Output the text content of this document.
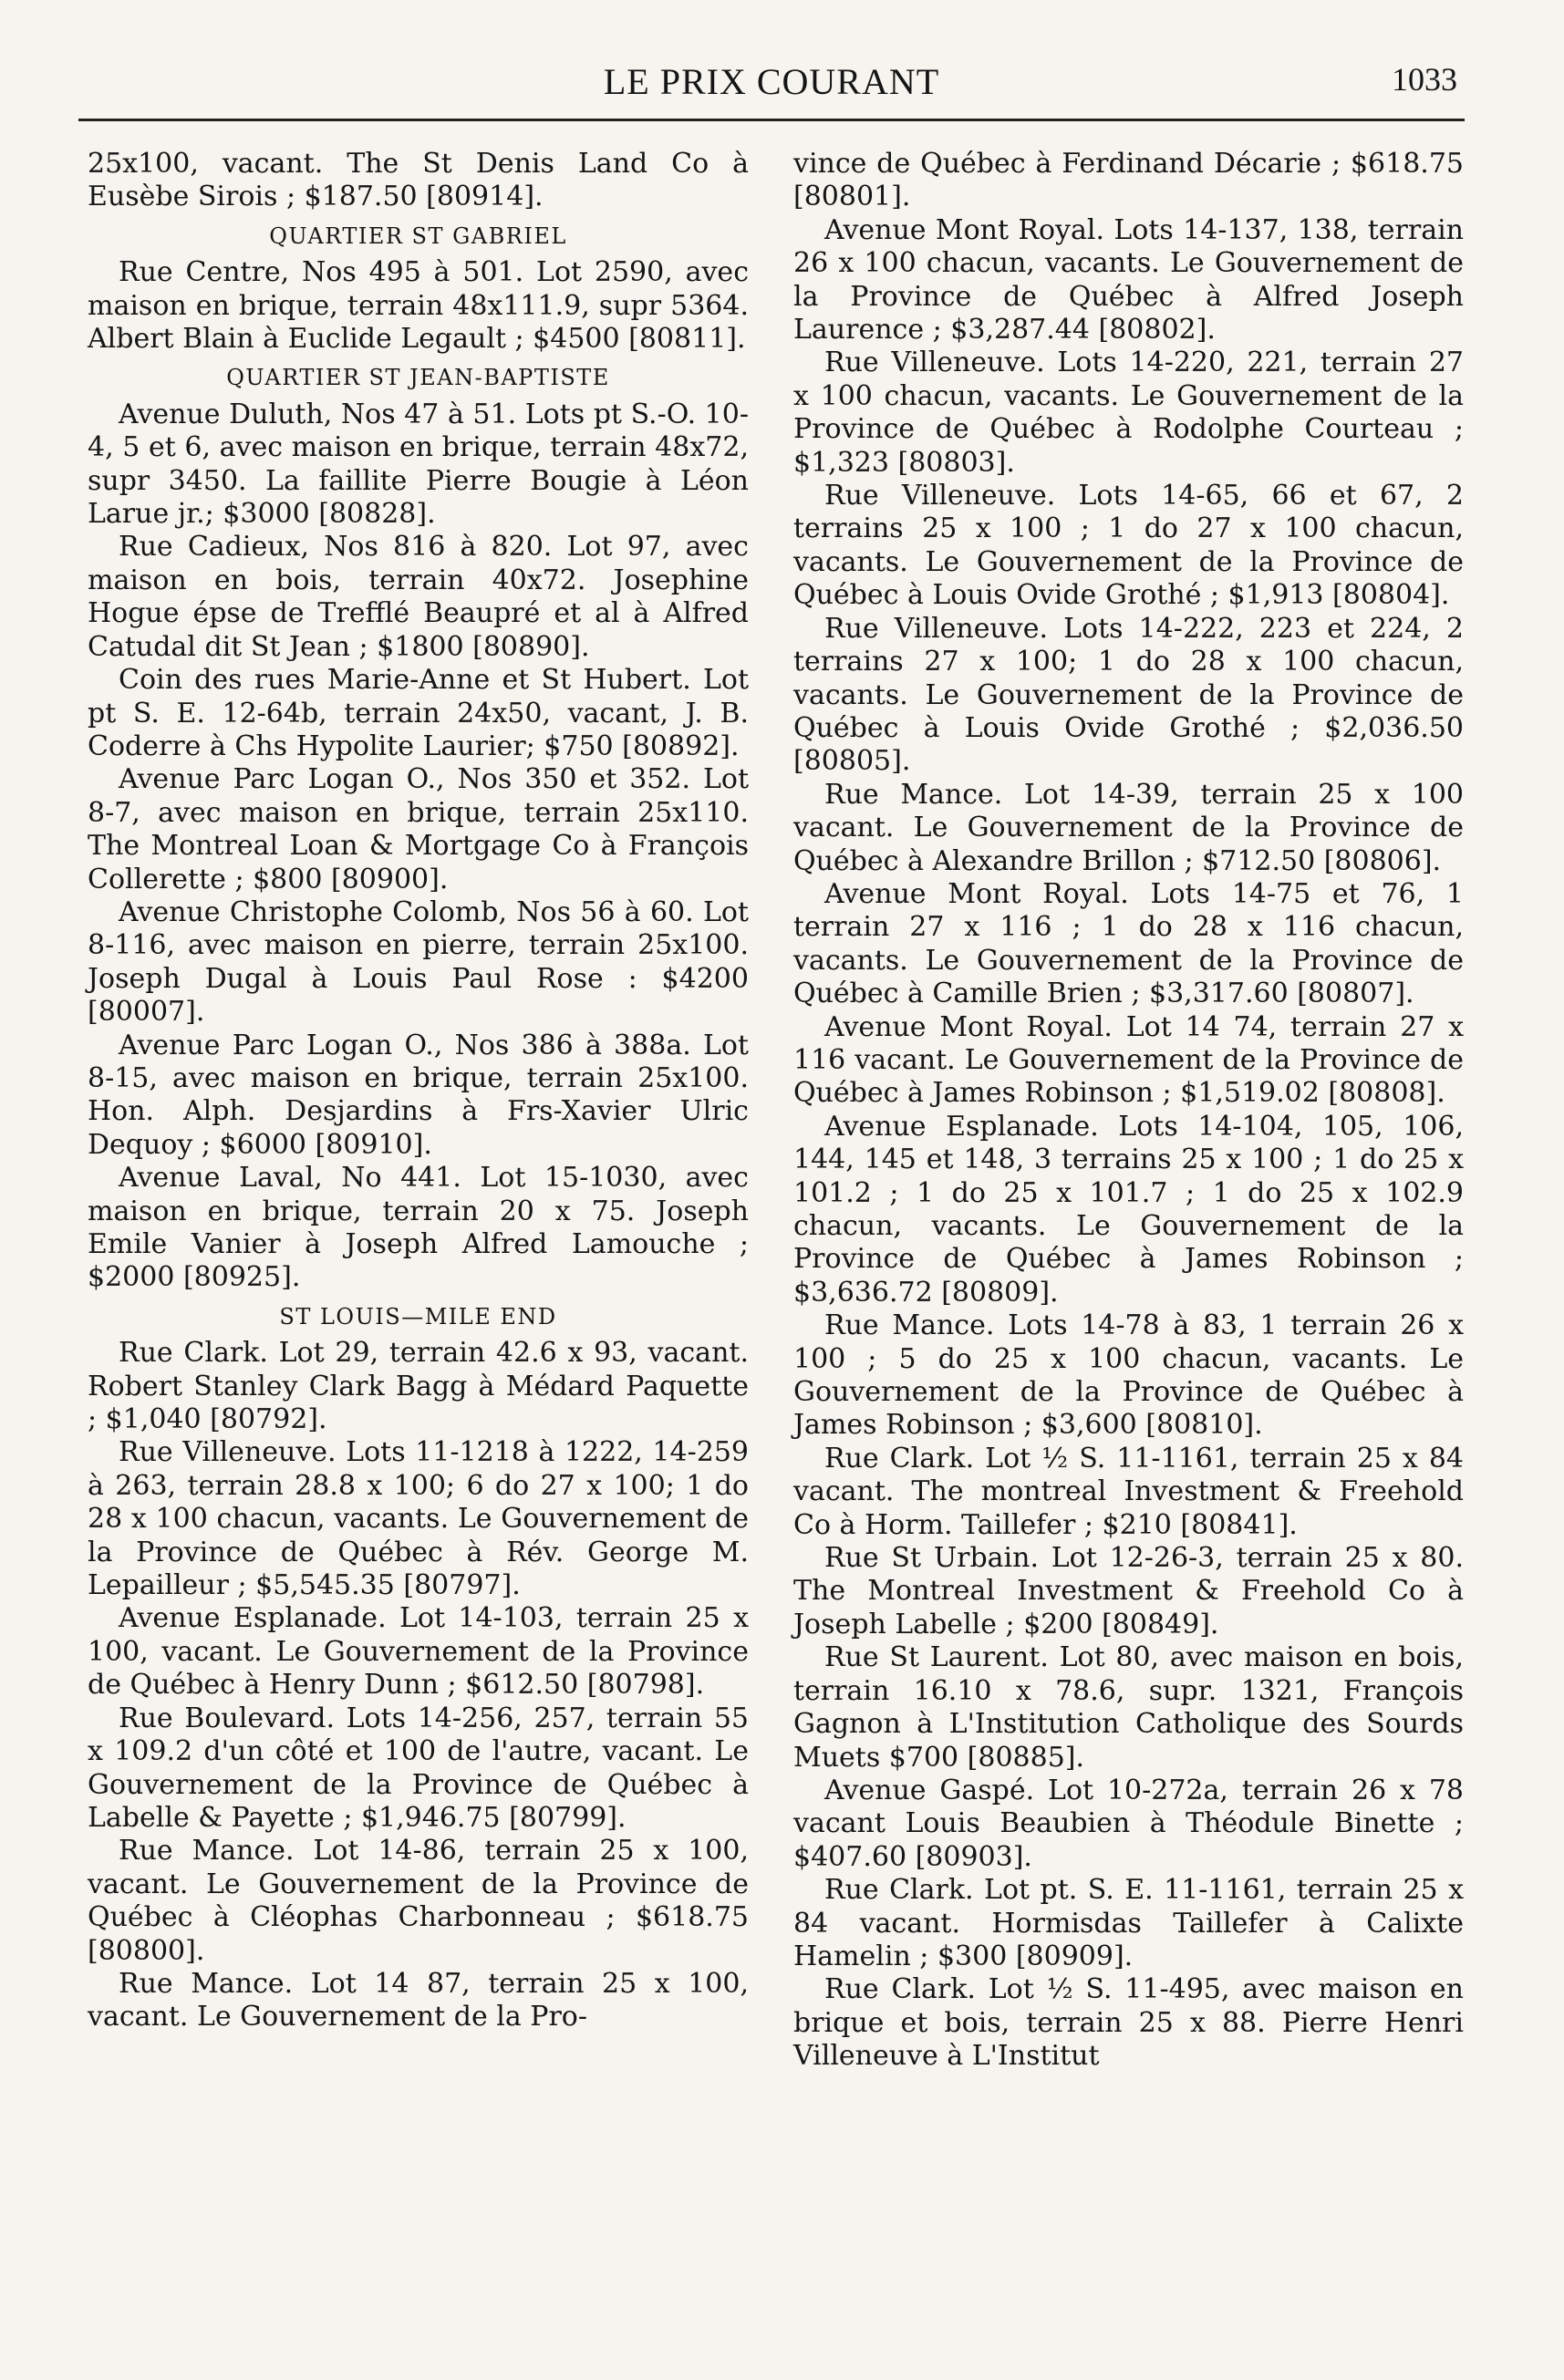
LE PRIX COURANT	1033

25x100, vacant. The St Denis Land Co à Eusèbe Sirois ; $187.50 [80914].

QUARTIER ST GABRIEL

Rue Centre, Nos 495 à 501. Lot 2590, avec maison en brique, terrain 48x111.9, supr 5364. Albert Blain à Euclide Legault ; $4500 [80811].

QUARTIER ST JEAN-BAPTISTE

Avenue Duluth, Nos 47 à 51. Lots pt S.-O. 10-4, 5 et 6, avec maison en brique, terrain 48x72, supr 3450. La faillite Pierre Bougie à Léon Larue jr.; $3000 [80828].

Rue Cadieux, Nos 816 à 820. Lot 97, avec maison en bois, terrain 40x72. Josephine Hogue épse de Trefflé Beaupré et al à Alfred Catudal dit St Jean ; $1800 [80890].

Coin des rues Marie-Anne et St Hubert. Lot pt S. E. 12-64b, terrain 24x50, vacant, J. B. Coderre à Chs Hypolite Laurier; $750 [80892].

Avenue Parc Logan O., Nos 350 et 352. Lot 8-7, avec maison en brique, terrain 25x110. The Montreal Loan & Mortgage Co à François Collerette ; $800 [80900].

Avenue Christophe Colomb, Nos 56 à 60. Lot 8-116, avec maison en pierre, terrain 25x100. Joseph Dugal à Louis Paul Rose : $4200 [80007].

Avenue Parc Logan O., Nos 386 à 388a. Lot 8-15, avec maison en brique, terrain 25x100. Hon. Alph. Desjardins à Frs-Xavier Ulric Dequoy ; $6000 [80910].

Avenue Laval, No 441. Lot 15-1030, avec maison en brique, terrain 20 x 75. Joseph Emile Vanier à Joseph Alfred Lamouche ; $2000 [80925].

ST LOUIS—MILE END

Rue Clark. Lot 29, terrain 42.6 x 93, vacant. Robert Stanley Clark Bagg à Médard Paquette ; $1,040 [80792].

Rue Villeneuve. Lots 11-1218 à 1222, 14-259 à 263, terrain 28.8 x 100; 6 do 27 x 100; 1 do 28 x 100 chacun, vacants. Le Gouvernement de la Province de Québec à Rév. George M. Lepailleur ; $5,545.35 [80797].

Avenue Esplanade. Lot 14-103, terrain 25 x 100, vacant. Le Gouvernement de la Province de Québec à Henry Dunn ; $612.50 [80798].

Rue Boulevard. Lots 14-256, 257, terrain 55 x 109.2 d'un côté et 100 de l'autre, vacant. Le Gouvernement de la Province de Québec à Labelle & Payette ; $1,946.75 [80799].

Rue Mance. Lot 14-86, terrain 25 x 100, vacant. Le Gouvernement de la Province de Québec à Cléophas Charbonneau ; $618.75 [80800].

Rue Mance. Lot 14 87, terrain 25 x 100, vacant. Le Gouvernement de la Pro-

vince de Québec à Ferdinand Décarie ; $618.75 [80801].

Avenue Mont Royal. Lots 14-137, 138, terrain 26 x 100 chacun, vacants. Le Gouvernement de la Province de Québec à Alfred Joseph Laurence ; $3,287.44 [80802].

Rue Villeneuve. Lots 14-220, 221, terrain 27 x 100 chacun, vacants. Le Gouvernement de la Province de Québec à Rodolphe Courteau ; $1,323 [80803].

Rue Villeneuve. Lots 14-65, 66 et 67, 2 terrains 25 x 100 ; 1 do 27 x 100 chacun, vacants. Le Gouvernement de la Province de Québec à Louis Ovide Grothé ; $1,913 [80804].

Rue Villeneuve. Lots 14-222, 223 et 224, 2 terrains 27 x 100; 1 do 28 x 100 chacun, vacants. Le Gouvernement de la Province de Québec à Louis Ovide Grothé ; $2,036.50 [80805].

Rue Mance. Lot 14-39, terrain 25 x 100 vacant. Le Gouvernement de la Province de Québec à Alexandre Brillon ; $712.50 [80806].

Avenue Mont Royal. Lots 14-75 et 76, 1 terrain 27 x 116 ; 1 do 28 x 116 chacun, vacants. Le Gouvernement de la Province de Québec à Camille Brien ; $3,317.60 [80807].

Avenue Mont Royal. Lot 14 74, terrain 27 x 116 vacant. Le Gouvernement de la Province de Québec à James Robinson ; $1,519.02 [80808].

Avenue Esplanade. Lots 14-104, 105, 106, 144, 145 et 148, 3 terrains 25 x 100 ; 1 do 25 x 101.2 ; 1 do 25 x 101.7 ; 1 do 25 x 102.9 chacun, vacants. Le Gouvernement de la Province de Québec à James Robinson ; $3,636.72 [80809].

Rue Mance. Lots 14-78 à 83, 1 terrain 26 x 100 ; 5 do 25 x 100 chacun, vacants. Le Gouvernement de la Province de Québec à James Robinson ; $3,600 [80810].

Rue Clark. Lot ½ S. 11-1161, terrain 25 x 84 vacant. The montreal Investment & Freehold Co à Horm. Taillefer ; $210 [80841].

Rue St Urbain. Lot 12-26-3, terrain 25 x 80. The Montreal Investment & Freehold Co à Joseph Labelle ; $200 [80849].

Rue St Laurent. Lot 80, avec maison en bois, terrain 16.10 x 78.6, supr. 1321, François Gagnon à L'Institution Catholique des Sourds Muets $700 [80885].

Avenue Gaspé. Lot 10-272a, terrain 26 x 78 vacant Louis Beaubien à Théodule Binette ; $407.60 [80903].

Rue Clark. Lot pt. S. E. 11-1161, terrain 25 x 84 vacant. Hormisdas Taillefer à Calixte Hamelin ; $300 [80909].

Rue Clark. Lot ½ S. 11-495, avec maison en brique et bois, terrain 25 x 88. Pierre Henri Villeneuve à L'Institut
